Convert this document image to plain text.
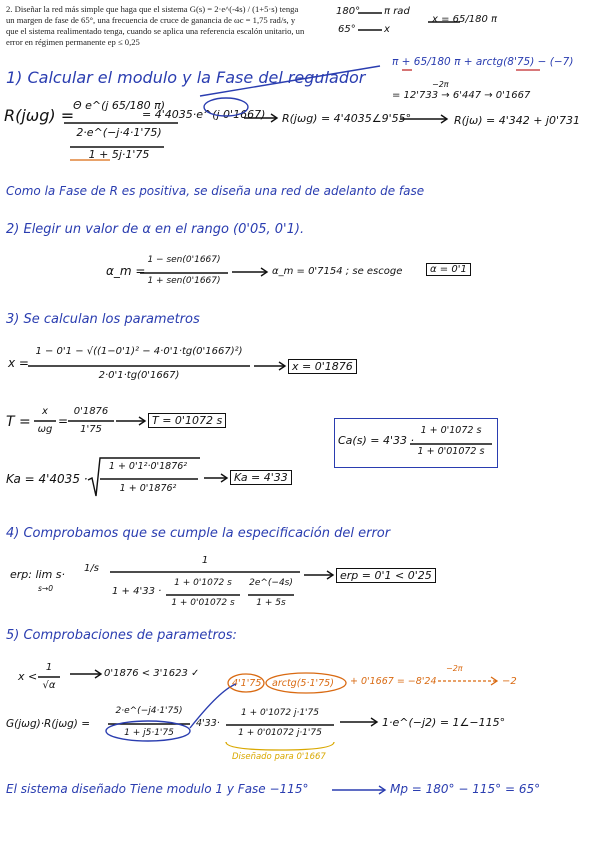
2. Diseñar la red más simple que haga que el sistema G(s) = 2·e^(-4s) / (1+5·s) tenga un margen de fase de 65°, una frecuencia de cruce de ganancia de ωc = 1,75 rad/s, y que el sistema realimentado tenga, cuando se aplica una referencia escalón unitario, un error en régimen permanente ep ≤ 0,25
180° π rad
65°	x
x = 65/180 π
π + 65/180 π + arctg(8'75) − (−7)
−2π
= 12'733 → 6'447 → 0'1667
1) Calcular el modulo y la Fase del regulador
R(jωg) =
Θ e^(j 65/180 π)
2·e^(−j·4·1'75)
1 + 5j·1'75
= 4'4035·e^(j 0'1667) R(jωg) = 4'4035∠9'55°	R(jω) = 4'342 + j0'731
Como la Fase de R es positiva, se diseña una red de adelanto de fase
2) Elegir un valor de α en el rango (0'05, 0'1).
α_m =
1 − sen(0'1667)
1 + sen(0'1667)
α_m = 0'7154 ; se escoge	α = 0'1
3) Se calculan los parametros
x =
1 − 0'1 − √((1−0'1)² − 4·0'1·tg(0'1667)²)
2·0'1·tg(0'1667)
x = 0'1876
T =
x
ωg
=
0'1876
1'75
T = 0'1072 s
Ka = 4'4035 ·
1 + 0'1²·0'1876²
1 + 0'1876²
Ka = 4'33
Ca(s) = 4'33 ·
1 + 0'1072 s
1 + 0'01072 s
4) Comprobamos que se cumple la especificación del error
erp: lim s·
s→0
1/s
1
1 + 4'33 ·
1 + 0'1072 s
1 + 0'01072 s
2e^(−4s)
1 + 5s
erp = 0'1 < 0'25
5) Comprobaciones de parametros:
x <
1
√α
0'1876 < 3'1623 ✓
G(jωg)·R(jωg) =
2·e^(−j4·1'75)
1 + j5·1'75
4'33·
1 + 0'1072 j·1'75
1 + 0'01072 j·1'75
1·e^(−j2) = 1∠−115°
4'1'75 arctg(5·1'75) + 0'1667 = −8'24
−2π
−2
Diseñado para 0'1667
El sistema diseñado Tiene modulo 1 y Fase −115°	Mp = 180° − 115° = 65°
